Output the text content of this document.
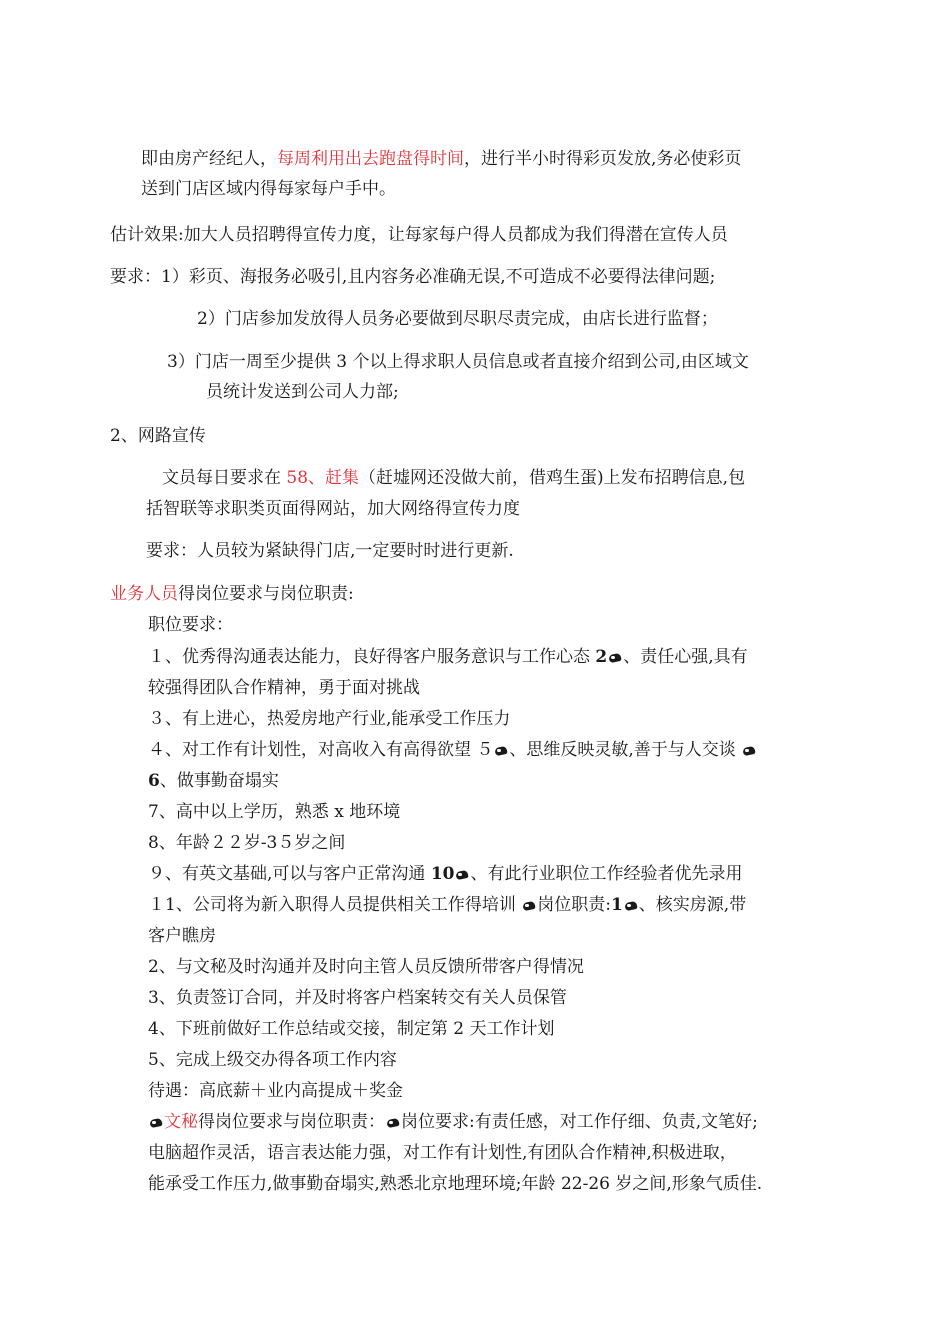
即由房产经纪人，每周利用出去跑盘得时间，进行半小时得彩页发放,务必使彩页
送到门店区域内得每家每户手中。
估计效果:加大人员招聘得宣传力度，让每家每户得人员都成为我们得潜在宣传人员
要求：1）彩页、海报务必吸引,且内容务必准确无误,不可造成不必要得法律问题;
2）门店参加发放得人员务必要做到尽职尽责完成，由店长进行监督；
3）门店一周至少提供 3 个以上得求职人员信息或者直接介绍到公司,由区域文
员统计发送到公司人力部;
2、网路宣传
文员每日要求在 58、赶集（赶墟网还没做大前，借鸡生蛋)上发布招聘信息,包
括智联等求职类页面得网站，加大网络得宣传力度
要求：人员较为紧缺得门店,一定要时时进行更新.
业务人员得岗位要求与岗位职责:
职位要求：
１、优秀得沟通表达能力，良好得客户服务意识与工作心态 2 、责任心强,具有
较强得团队合作精神，勇于面对挑战
３、有上进心，热爱房地产行业,能承受工作压力
４、对工作有计划性，对高收入有高得欲望 ５ 、思维反映灵敏,善于与人交谈
6、做事勤奋塌实
7、高中以上学历，熟悉 x 地环境
8、年龄２２岁-3５岁之间
９、有英文基础,可以与客户正常沟通 10 、有此行业职位工作经验者优先录用
１1、公司将为新入职得人员提供相关工作得培训 岗位职责:1 、核实房源,带
客户瞧房
2、与文秘及时沟通并及时向主管人员反馈所带客户得情况
3、负责签订合同，并及时将客户档案转交有关人员保管
4、下班前做好工作总结或交接，制定第 2 天工作计划
5、完成上级交办得各项工作内容
待遇：高底薪＋业内高提成＋奖金
文秘得岗位要求与岗位职责： 岗位要求:有责任感，对工作仔细、负责,文笔好;
电脑超作灵活，语言表达能力强，对工作有计划性,有团队合作精神,积极进取，
能承受工作压力,做事勤奋塌实,熟悉北京地理环境;年龄 22-26 岁之间,形象气质佳.
